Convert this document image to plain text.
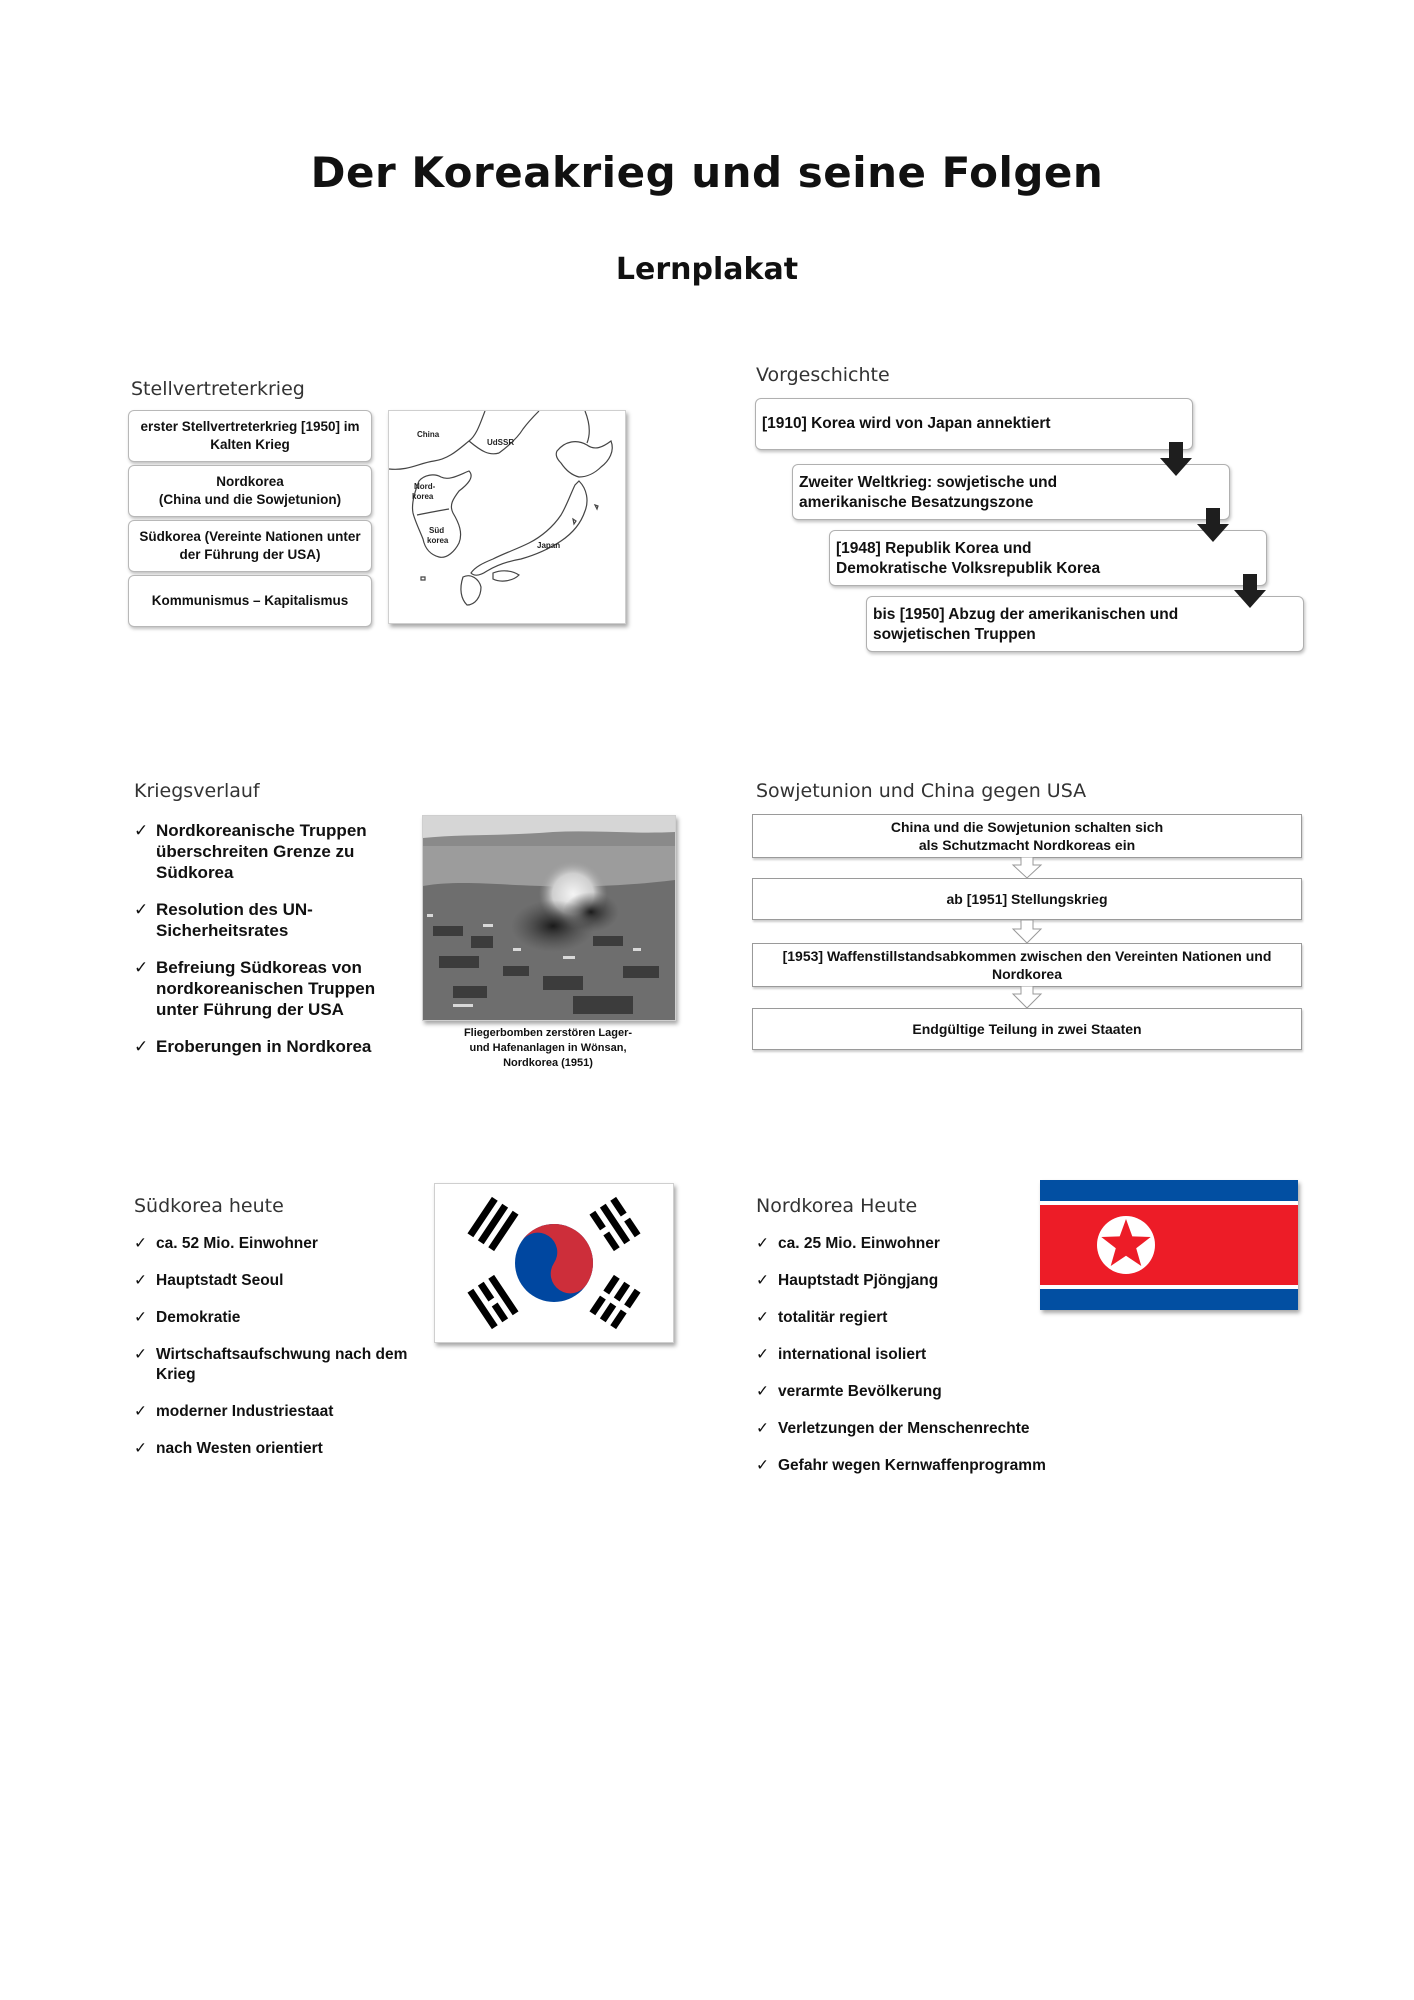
Der Koreakrieg und seine Folgen
Lernplakat
Stellvertreterkrieg
erster Stellvertreterkrieg [1950] im Kalten Krieg
Nordkorea
(China und die Sowjetunion)
Südkorea (Vereinte Nationen unter der Führung der USA)
Kommunismus – Kapitalismus
China
UdSSR
Nord-
korea
Süd
korea
Japan
Vorgeschichte
[1910] Korea wird von Japan annektiert
Zweiter Weltkrieg: sowjetische und
amerikanische Besatzungszone
[1948] Republik Korea und
Demokratische Volksrepublik Korea
bis [1950] Abzug der amerikanischen und
sowjetischen Truppen
Kriegsverlauf
✓ Nordkoreanische Truppen überschreiten Grenze zu Südkorea
✓ Resolution des UN-Sicherheitsrates
✓ Befreiung Südkoreas von nordkoreanischen Truppen unter Führung der USA
✓ Eroberungen in Nordkorea
Fliegerbomben zerstören Lager-
und Hafenanlagen in Wönsan,
Nordkorea (1951)
Sowjetunion und China gegen USA
China und die Sowjetunion schalten sich
als Schutzmacht Nordkoreas ein
ab [1951] Stellungskrieg
[1953] Waffenstillstandsabkommen zwischen den Vereinten Nationen und
Nordkorea
Endgültige Teilung in zwei Staaten
Südkorea heute
✓ ca. 52 Mio. Einwohner
✓ Hauptstadt Seoul
✓ Demokratie
✓ Wirtschaftsaufschwung nach dem Krieg
✓ moderner Industriestaat
✓ nach Westen orientiert
Nordkorea Heute
✓ ca. 25 Mio. Einwohner
✓ Hauptstadt Pjöngjang
✓ totalitär regiert
✓ international isoliert
✓ verarmte Bevölkerung
✓ Verletzungen der Menschenrechte
✓ Gefahr wegen Kernwaffenprogramm
